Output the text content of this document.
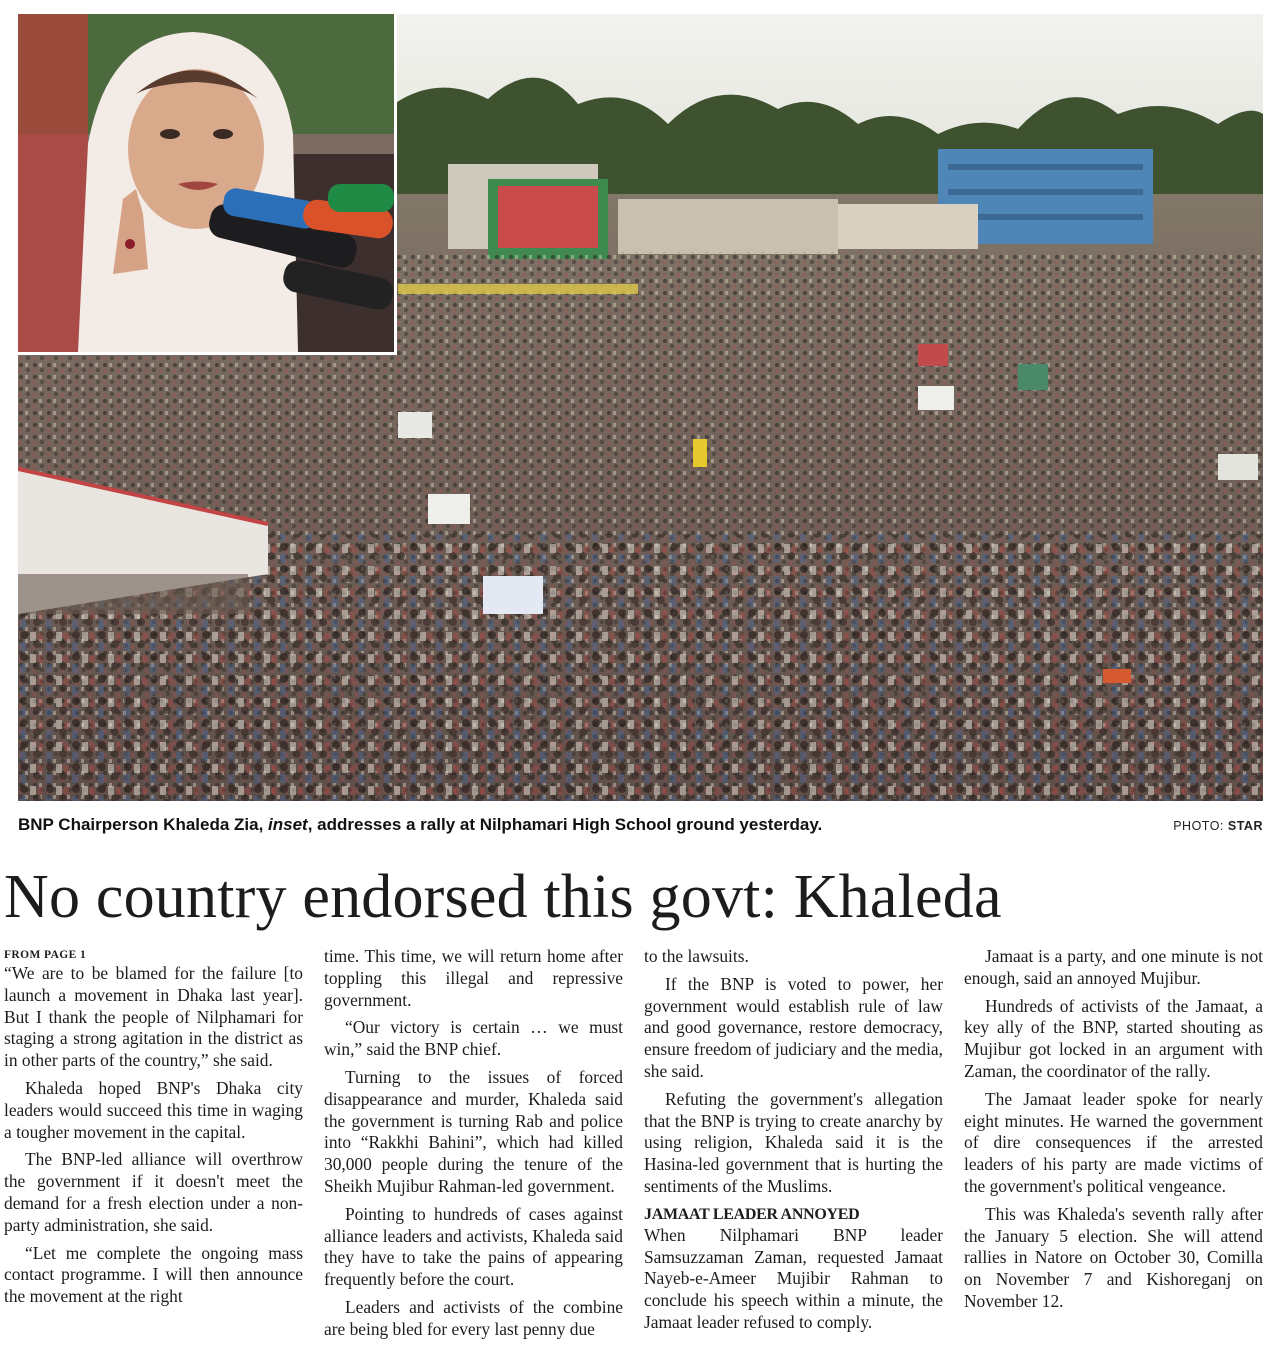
BNP Chairperson Khaleda Zia, inset, addresses a rally at Nilphamari High School ground yesterday.	PHOTO: STAR
No country endorsed this govt: Khaleda
FROM PAGE 1

“We are to be blamed for the failure [to launch a movement in Dhaka last year]. But I thank the people of Nilphamari for staging a strong agitation in the district as in other parts of the country,” she said.

Khaleda hoped BNP's Dhaka city leaders would succeed this time in waging a tougher movement in the capital.

The BNP-led alliance will overthrow the government if it doesn't meet the demand for a fresh election under a non-party administration, she said.

“Let me complete the ongoing mass contact programme. I will then announce the movement at the right

time. This time, we will return home after toppling this illegal and repressive government.

“Our victory is certain … we must win,” said the BNP chief.

Turning to the issues of forced disappearance and murder, Khaleda said the government is turning Rab and police into “Rakkhi Bahini”, which had killed 30,000 people during the tenure of the Sheikh Mujibur Rahman-led government.

Pointing to hundreds of cases against alliance leaders and activists, Khaleda said they have to take the pains of appearing frequently before the court.

Leaders and activists of the combine are being bled for every last penny due

to the lawsuits.

If the BNP is voted to power, her government would establish rule of law and good governance, restore democracy, ensure freedom of judiciary and the media, she said.

Refuting the government's allegation that the BNP is trying to create anarchy by using religion, Khaleda said it is the Hasina-led government that is hurting the sentiments of the Muslims.

JAMAAT LEADER ANNOYED

When Nilphamari BNP leader Samsuzzaman Zaman, requested Jamaat Nayeb-e-Ameer Mujibir Rahman to conclude his speech within a minute, the Jamaat leader refused to comply.

Jamaat is a party, and one minute is not enough, said an annoyed Mujibur.

Hundreds of activists of the Jamaat, a key ally of the BNP, started shouting as Mujibur got locked in an argument with Zaman, the coordinator of the rally.

The Jamaat leader spoke for nearly eight minutes. He warned the government of dire consequences if the arrested leaders of his party are made victims of the government's political vengeance.

This was Khaleda's seventh rally after the January 5 election. She will attend rallies in Natore on October 30, Comilla on November 7 and Kishoreganj on November 12.
